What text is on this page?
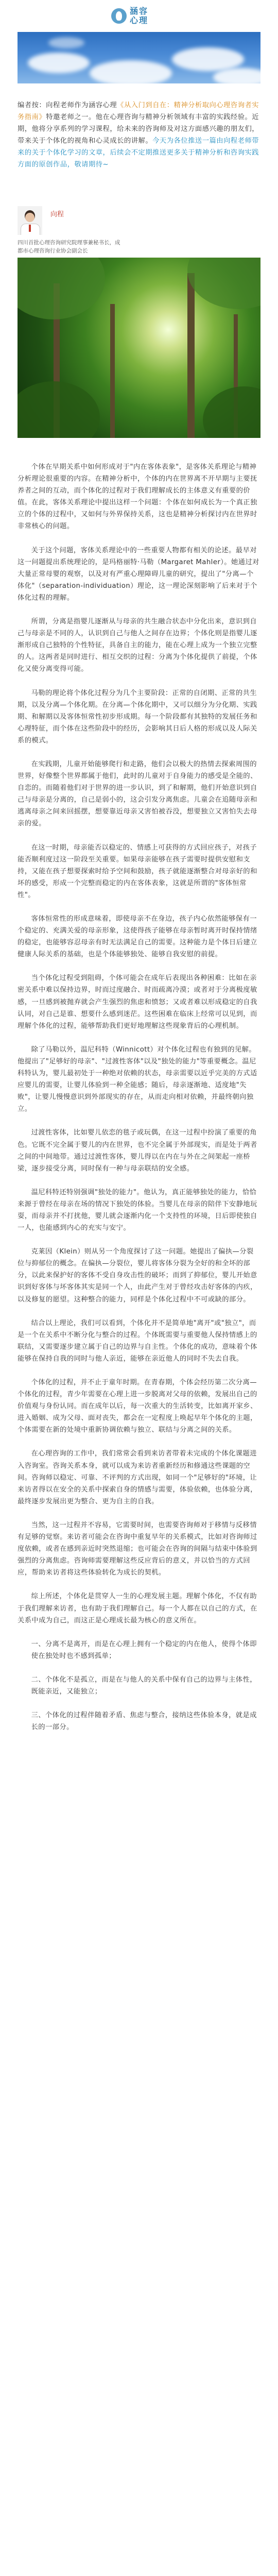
涵容
心理
编者按：向程老师作为涵容心理《从入门到自在：精神分析取向心理咨询者实务指南》特邀老师之一。他在心理咨询与精神分析领域有丰富的实践经验。近期，他将分享系列的学习课程，给未来的咨询师及对这方面感兴趣的朋友们，带来关于个体化的视角和心灵成长的讲解。今天为各位推送一篇由向程老师带来的关于个体化学习的文章，后续会不定期推送更多关于精神分析和咨询实践方面的原创作品，敬请期待~
向程
四川首批心理咨询研究院理事兼秘书长，成
都市心理咨询行业协会副会长

个体在早期关系中如何形成对于"内在客体表象"，是客体关系理论与精神分析理论很重要的内容。在精神分析中，个体的内在世界离不开早期与主要抚养者之间的互动，而个体化的过程对于我们理解成长的主体意义有重要的价值。在此，客体关系理论中提出这样一个问题：个体在如何成长为一个真正独立的个体的过程中，又如何与外界保持关系，这也是精神分析探讨内在世界时非常核心的问题。

关于这个问题，客体关系理论中的一些重要人物都有相关的论述。最早对这一问题提出系统理论的，是玛格丽特·马勒（Margaret Mahler）。她通过对大量正常母婴的观察，以及对有严重心理障碍儿童的研究，提出了"分离—个体化"（separation-individuation）理论，这一理论深刻影响了后来对于个体化过程的理解。

所谓，分离是指婴儿逐渐从与母亲的共生融合状态中分化出来，意识到自己与母亲是不同的人，认识到自己与他人之间存在边界；个体化则是指婴儿逐渐形成自己独特的个性特征，具备自主的能力，能在心理上成为一个独立完整的人。这两者是同时进行、相互交织的过程：分离为个体化提供了前提，个体化又使分离变得可能。

马勒的理论将个体化过程分为几个主要阶段：正常的自闭期、正常的共生期，以及分离—个体化期。在分离—个体化期中，又可以细分为分化期、实践期、和解期以及客体恒常性初步形成期。每一个阶段都有其独特的发展任务和心理特征，而个体在这些阶段中的经历，会影响其日后人格的形成以及人际关系的模式。

在实践期，儿童开始能够爬行和走路，他们会以极大的热情去探索周围的世界，好像整个世界都属于他们，此时的儿童对于自身能力的感受是全能的、自恋的。而随着他们对于世界的进一步认识，到了和解期，他们开始意识到自己与母亲是分离的，自己是弱小的，这会引发分离焦虑。儿童会在追随母亲和逃离母亲之间来回摇摆，想要靠近母亲又害怕被吞没，想要独立又害怕失去母亲的爱。

在这一时期，母亲能否以稳定的、情感上可获得的方式回应孩子，对孩子能否顺利度过这一阶段至关重要。如果母亲能够在孩子需要时提供安慰和支持，又能在孩子想要探索时给予空间和鼓励，孩子就能逐渐整合对母亲好的和坏的感受，形成一个完整而稳定的内在客体表象，这就是所谓的"客体恒常性"。

客体恒常性的形成意味着，即使母亲不在身边，孩子内心依然能够保有一个稳定的、充满关爱的母亲形象，这使得孩子能够在母亲暂时离开时保持情绪的稳定，也能够容忍母亲有时无法满足自己的需要。这种能力是个体日后建立健康人际关系的基础，也是个体能够独处、能够自我安慰的前提。

当个体化过程受到阻碍，个体可能会在成年后表现出各种困难：比如在亲密关系中难以保持边界，时而过度融合、时而疏离冷漠；或者对于分离极度敏感，一旦感到被抛弃就会产生强烈的焦虑和愤怒；又或者难以形成稳定的自我认同，对自己是谁、想要什么感到迷茫。这些困难在临床上经常可以见到，而理解个体化的过程，能够帮助我们更好地理解这些现象背后的心理机制。

除了马勒以外，温尼科特（Winnicott）对个体化过程也有独到的见解。他提出了"足够好的母亲"、"过渡性客体"以及"独处的能力"等重要概念。温尼科特认为，婴儿最初处于一种绝对依赖的状态，母亲需要以近乎完美的方式适应婴儿的需要，让婴儿体验到一种全能感；随后，母亲逐渐地、适度地"失败"，让婴儿慢慢意识到外部现实的存在，从而走向相对依赖，并最终朝向独立。

过渡性客体，比如婴儿依恋的毯子或玩偶，在这一过程中扮演了重要的角色。它既不完全属于婴儿的内在世界，也不完全属于外部现实，而是处于两者之间的中间地带。通过过渡性客体，婴儿得以在内在与外在之间架起一座桥梁，逐步接受分离，同时保有一种与母亲联结的安全感。

温尼科特还特别强调"独处的能力"。他认为，真正能够独处的能力，恰恰来源于曾经在母亲在场的情况下独处的体验。当婴儿在母亲的陪伴下安静地玩耍，而母亲并不打扰他，婴儿就会逐渐内化一个支持性的环境，日后即使独自一人，也能感到内心的充实与安宁。

克莱因（Klein）则从另一个角度探讨了这一问题。她提出了偏执—分裂位与抑郁位的概念。在偏执—分裂位，婴儿将客体分裂为全好的和全坏的部分，以此来保护好的客体不受自身攻击性的破坏；而到了抑郁位，婴儿开始意识到好客体与坏客体其实是同一个人，由此产生对于曾经攻击好客体的内疚，以及修复的愿望。这种整合的能力，同样是个体化过程中不可或缺的部分。

结合以上理论，我们可以看到，个体化并不是简单地"离开"或"独立"，而是一个在关系中不断分化与整合的过程。个体既需要与重要他人保持情感上的联结，又需要逐步建立属于自己的边界与自主性。个体化的成功，意味着个体能够在保持自我的同时与他人亲近，能够在亲近他人的同时不失去自我。

个体化的过程，并不止于童年时期。在青春期，个体会经历第二次分离—个体化的过程，青少年需要在心理上进一步脱离对父母的依赖，发展出自己的价值观与身份认同。而在成年以后，每一次重大的生活转变，比如离开家乡、进入婚姻、成为父母、面对丧失，都会在一定程度上唤起早年个体化的主题，个体需要在新的处境中重新协调依赖与独立、联结与分离之间的关系。

在心理咨询的工作中，我们常常会看到来访者带着未完成的个体化课题进入咨询室。咨询关系本身，就可以成为来访者重新经历和修通这些课题的空间。咨询师以稳定、可靠、不评判的方式出现，如同一个"足够好的"环境，让来访者得以在安全的关系中探索自身的情感与需要，体验依赖，也体验分离，最终逐步发展出更为整合、更为自主的自我。

当然，这一过程并不容易，它需要时间，也需要咨询师对于移情与反移情有足够的觉察。来访者可能会在咨询中重复早年的关系模式，比如对咨询师过度依赖，或者在感到亲近时突然退缩；也可能会在咨询的间隔与结束中体验到强烈的分离焦虑。咨询师需要理解这些反应背后的意义，并以恰当的方式回应，帮助来访者将这些体验转化为成长的契机。

综上所述，个体化是贯穿人一生的心理发展主题。理解个体化，不仅有助于我们理解来访者，也有助于我们理解自己。每一个人都在以自己的方式，在关系中成为自己，而这正是心理成长最为核心的意义所在。

一、分离不是离开，而是在心理上拥有一个稳定的内在他人，使得个体即使在独处时也不感到孤单；

二、个体化不是孤立，而是在与他人的关系中保有自己的边界与主体性，既能亲近，又能独立；

三、个体化的过程伴随着矛盾、焦虑与整合，接纳这些体验本身，就是成长的一部分。
